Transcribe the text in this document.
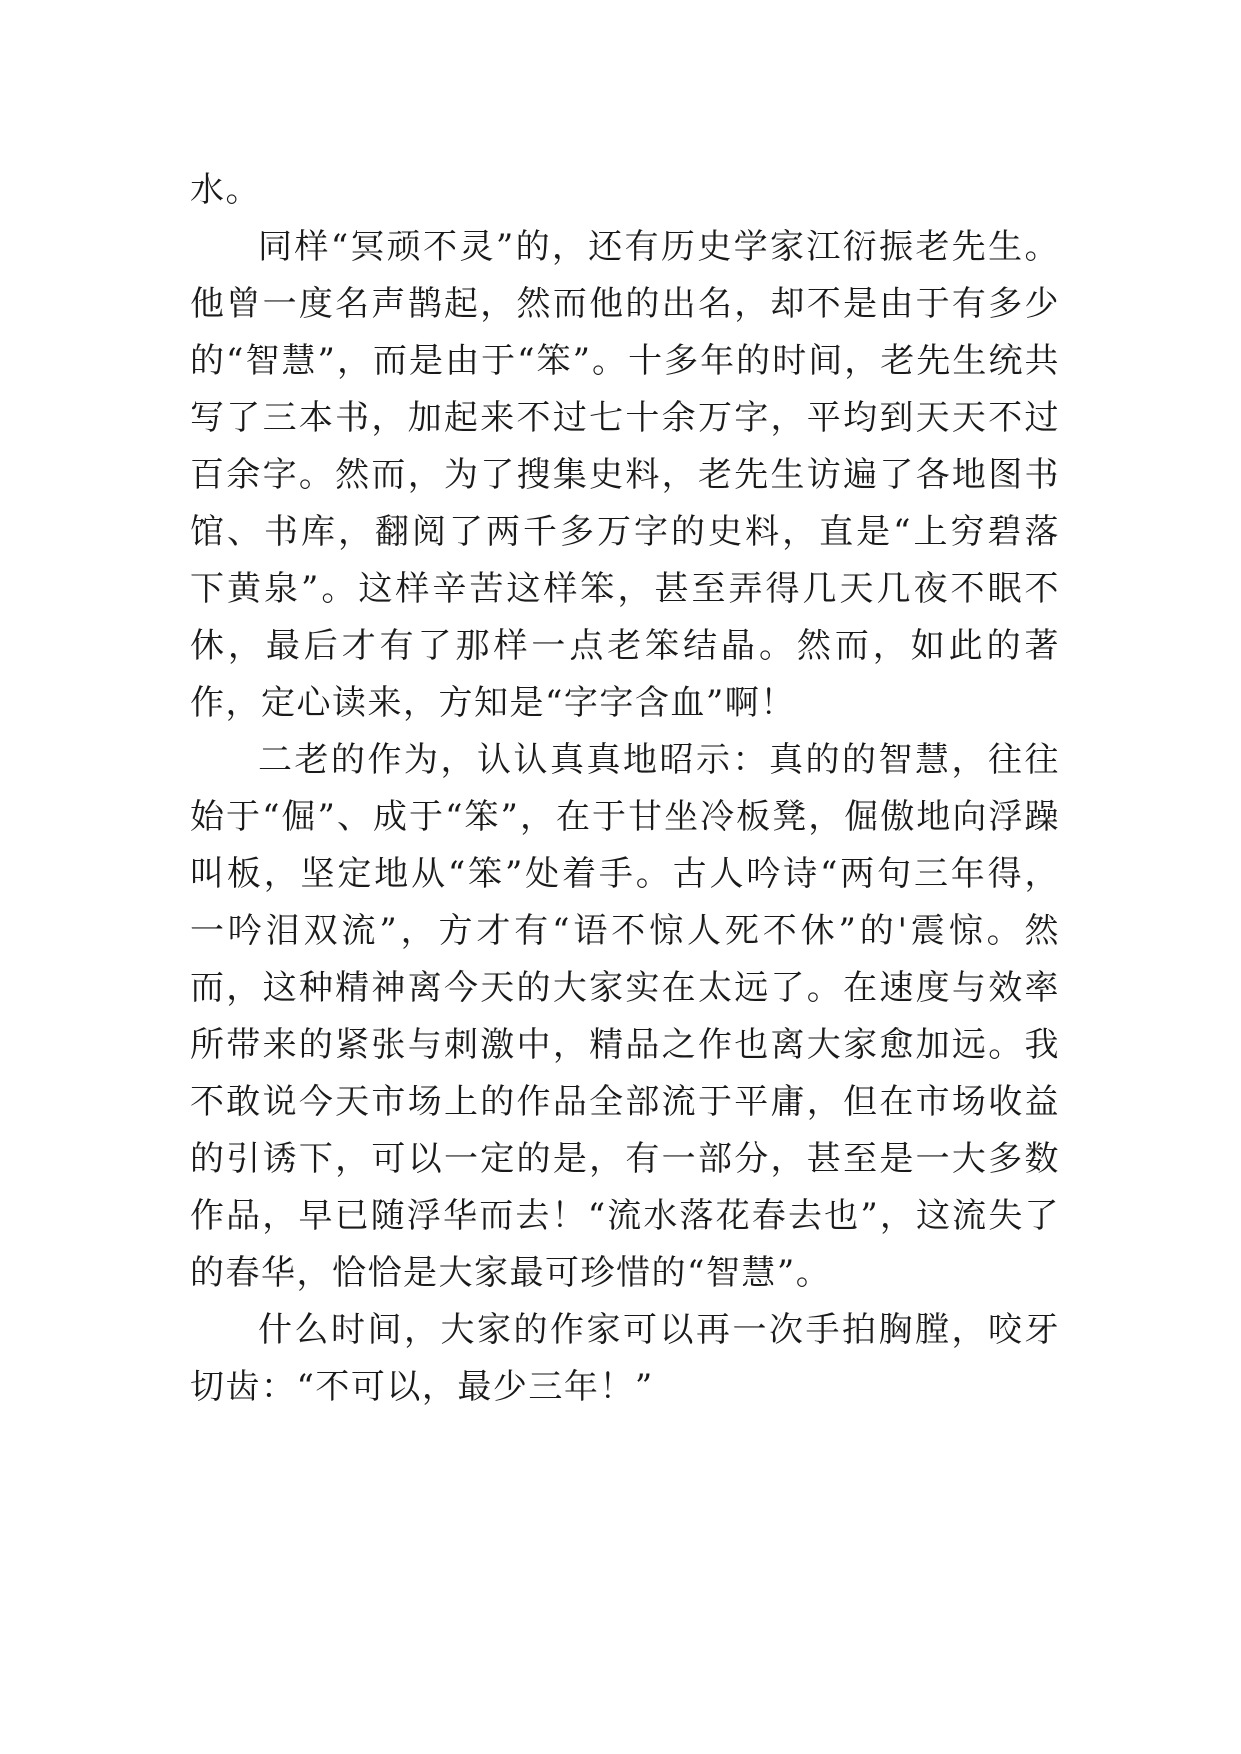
水。

同样“冥顽不灵”的，还有历史学家江衍振老先生。他曾一度名声鹊起，然而他的出名，却不是由于有多少的“智慧”，而是由于“笨”。十多年的时间，老先生统共写了三本书，加起来不过七十余万字，平均到天天不过百余字。然而，为了搜集史料，老先生访遍了各地图书馆、书库，翻阅了两千多万字的史料，直是“上穷碧落下黄泉”。这样辛苦这样笨，甚至弄得几天几夜不眠不休，最后才有了那样一点老笨结晶。然而，如此的著作，定心读来，方知是“字字含血”啊！

二老的作为，认认真真地昭示：真的的智慧，往往始于“倔”、成于“笨”，在于甘坐冷板凳，倔傲地向浮躁叫板，坚定地从“笨”处着手。古人吟诗“两句三年得，一吟泪双流”，方才有“语不惊人死不休”的'震惊。然而，这种精神离今天的大家实在太远了。在速度与效率所带来的紧张与刺激中，精品之作也离大家愈加远。我不敢说今天市场上的作品全部流于平庸，但在市场收益的引诱下，可以一定的是，有一部分，甚至是一大多数作品，早已随浮华而去！“流水落花春去也”，这流失了的春华，恰恰是大家最可珍惜的“智慧”。

什么时间，大家的作家可以再一次手拍胸膛，咬牙切齿：“不可以，最少三年！”
